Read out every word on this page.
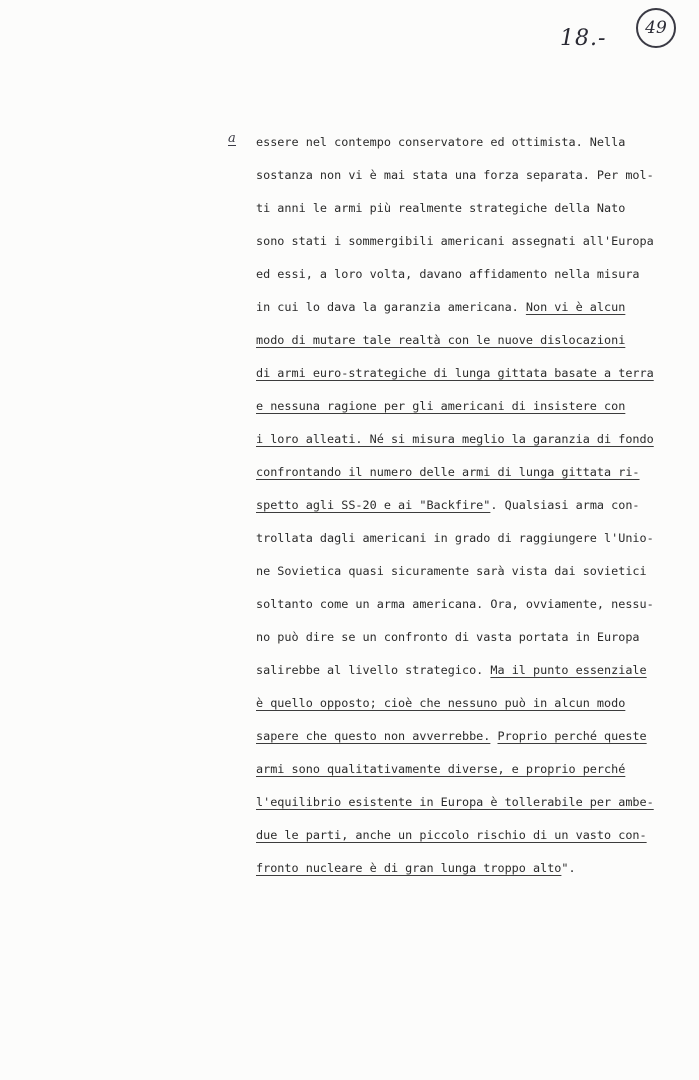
18.-	49
a essere nel contempo conservatore ed ottimista. Nella
sostanza non vi è mai stata una forza separata. Per mol-
ti anni le armi più realmente strategiche della Nato
sono stati i sommergibili americani assegnati all'Europa
ed essi, a loro volta, davano affidamento nella misura
in cui lo dava la garanzia americana. Non vi è alcun
modo di mutare tale realtà con le nuove dislocazioni
di armi euro-strategiche di lunga gittata basate a terra
e nessuna ragione per gli americani di insistere con
i loro alleati. Né si misura meglio la garanzia di fondo
confrontando il numero delle armi di lunga gittata ri-
spetto agli SS-20 e ai "Backfire". Qualsiasi arma con-
trollata dagli americani in grado di raggiungere l'Unio-
ne Sovietica quasi sicuramente sarà vista dai sovietici
soltanto come un arma americana. Ora, ovviamente, nessu-
no può dire se un confronto di vasta portata in Europa
salirebbe al livello strategico. Ma il punto essenziale
è quello opposto; cioè che nessuno può in alcun modo
sapere che questo non avverrebbe. Proprio perché queste
armi sono qualitativamente diverse, e proprio perché
l'equilibrio esistente in Europa è tollerabile per ambe-
due le parti, anche un piccolo rischio di un vasto con-
fronto nucleare è di gran lunga troppo alto".
